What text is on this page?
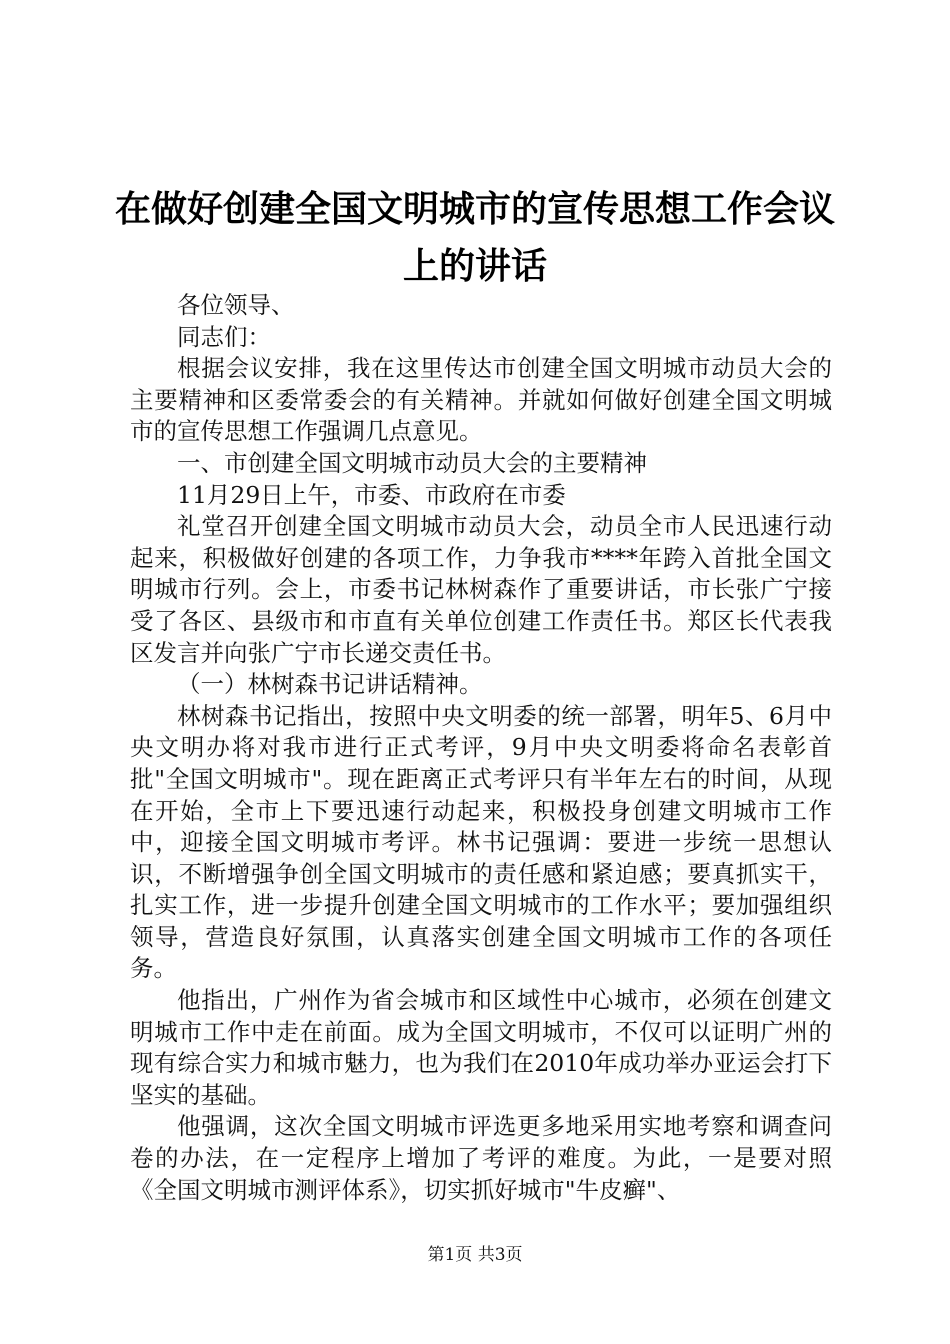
在做好创建全国文明城市的宣传思想工作会议
上的讲话

各位领导、

同志们：

根据会议安排，我在这里传达市创建全国文明城市动员大会的主要精神和区委常委会的有关精神。并就如何做好创建全国文明城市的宣传思想工作强调几点意见。

一、市创建全国文明城市动员大会的主要精神

11月29日上午，市委、市政府在市委

礼堂召开创建全国文明城市动员大会，动员全市人民迅速行动起来，积极做好创建的各项工作，力争我市****年跨入首批全国文明城市行列。会上，市委书记林树森作了重要讲话，市长张广宁接受了各区、县级市和市直有关单位创建工作责任书。郑区长代表我区发言并向张广宁市长递交责任书。

（一）林树森书记讲话精神。

林树森书记指出，按照中央文明委的统一部署，明年5、6月中央文明办将对我市进行正式考评，9月中央文明委将命名表彰首批"全国文明城市"。现在距离正式考评只有半年左右的时间，从现在开始，全市上下要迅速行动起来，积极投身创建文明城市工作中，迎接全国文明城市考评。林书记强调：要进一步统一思想认识，不断增强争创全国文明城市的责任感和紧迫感；要真抓实干，扎实工作，进一步提升创建全国文明城市的工作水平；要加强组织领导，营造良好氛围，认真落实创建全国文明城市工作的各项任务。

他指出，广州作为省会城市和区域性中心城市，必须在创建文明城市工作中走在前面。成为全国文明城市，不仅可以证明广州的现有综合实力和城市魅力，也为我们在2010年成功举办亚运会打下坚实的基础。

他强调，这次全国文明城市评选更多地采用实地考察和调查问卷的办法，在一定程序上增加了考评的难度。为此，一是要对照《全国文明城市测评体系》，切实抓好城市"牛皮癣"、

第1页 共3页
